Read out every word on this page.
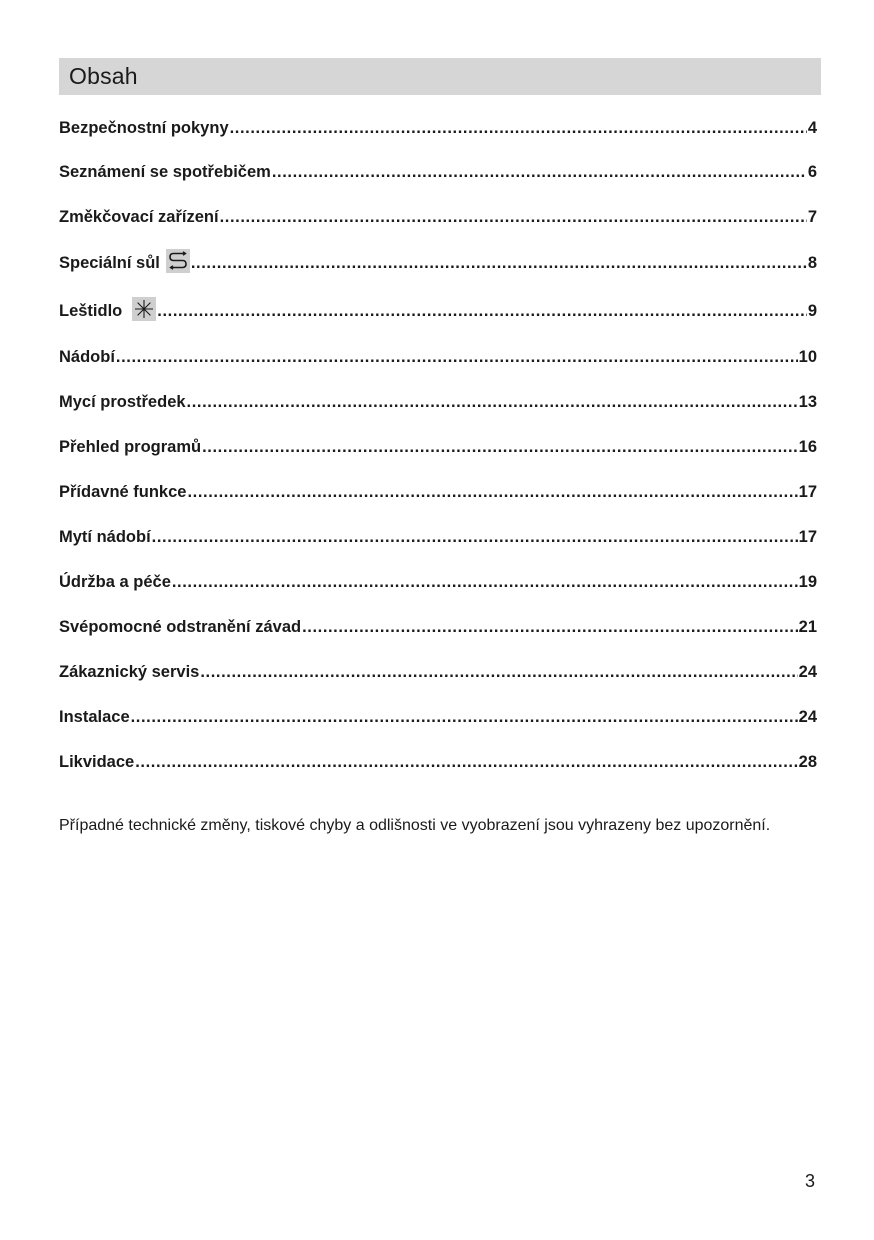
Obsah
Bezpečnostní pokyny .....	4
Seznámení se spotřebičem .....	6
Změkčovací zařízení .....	7
Speciální sůl .....	8
Leštidlo .....	9
Nádobí .....	10
Mycí prostředek .....	13
Přehled programů .....	16
Přídavné funkce .....	17
Mytí nádobí .....	17
Údržba a péče .....	19
Svépomocné odstranění závad .....	21
Zákaznický servis .....	24
Instalace .....	24
Likvidace .....	28

Případné technické změny, tiskové chyby a odlišnosti ve vyobrazení jsou vyhrazeny bez upozornění.

3
